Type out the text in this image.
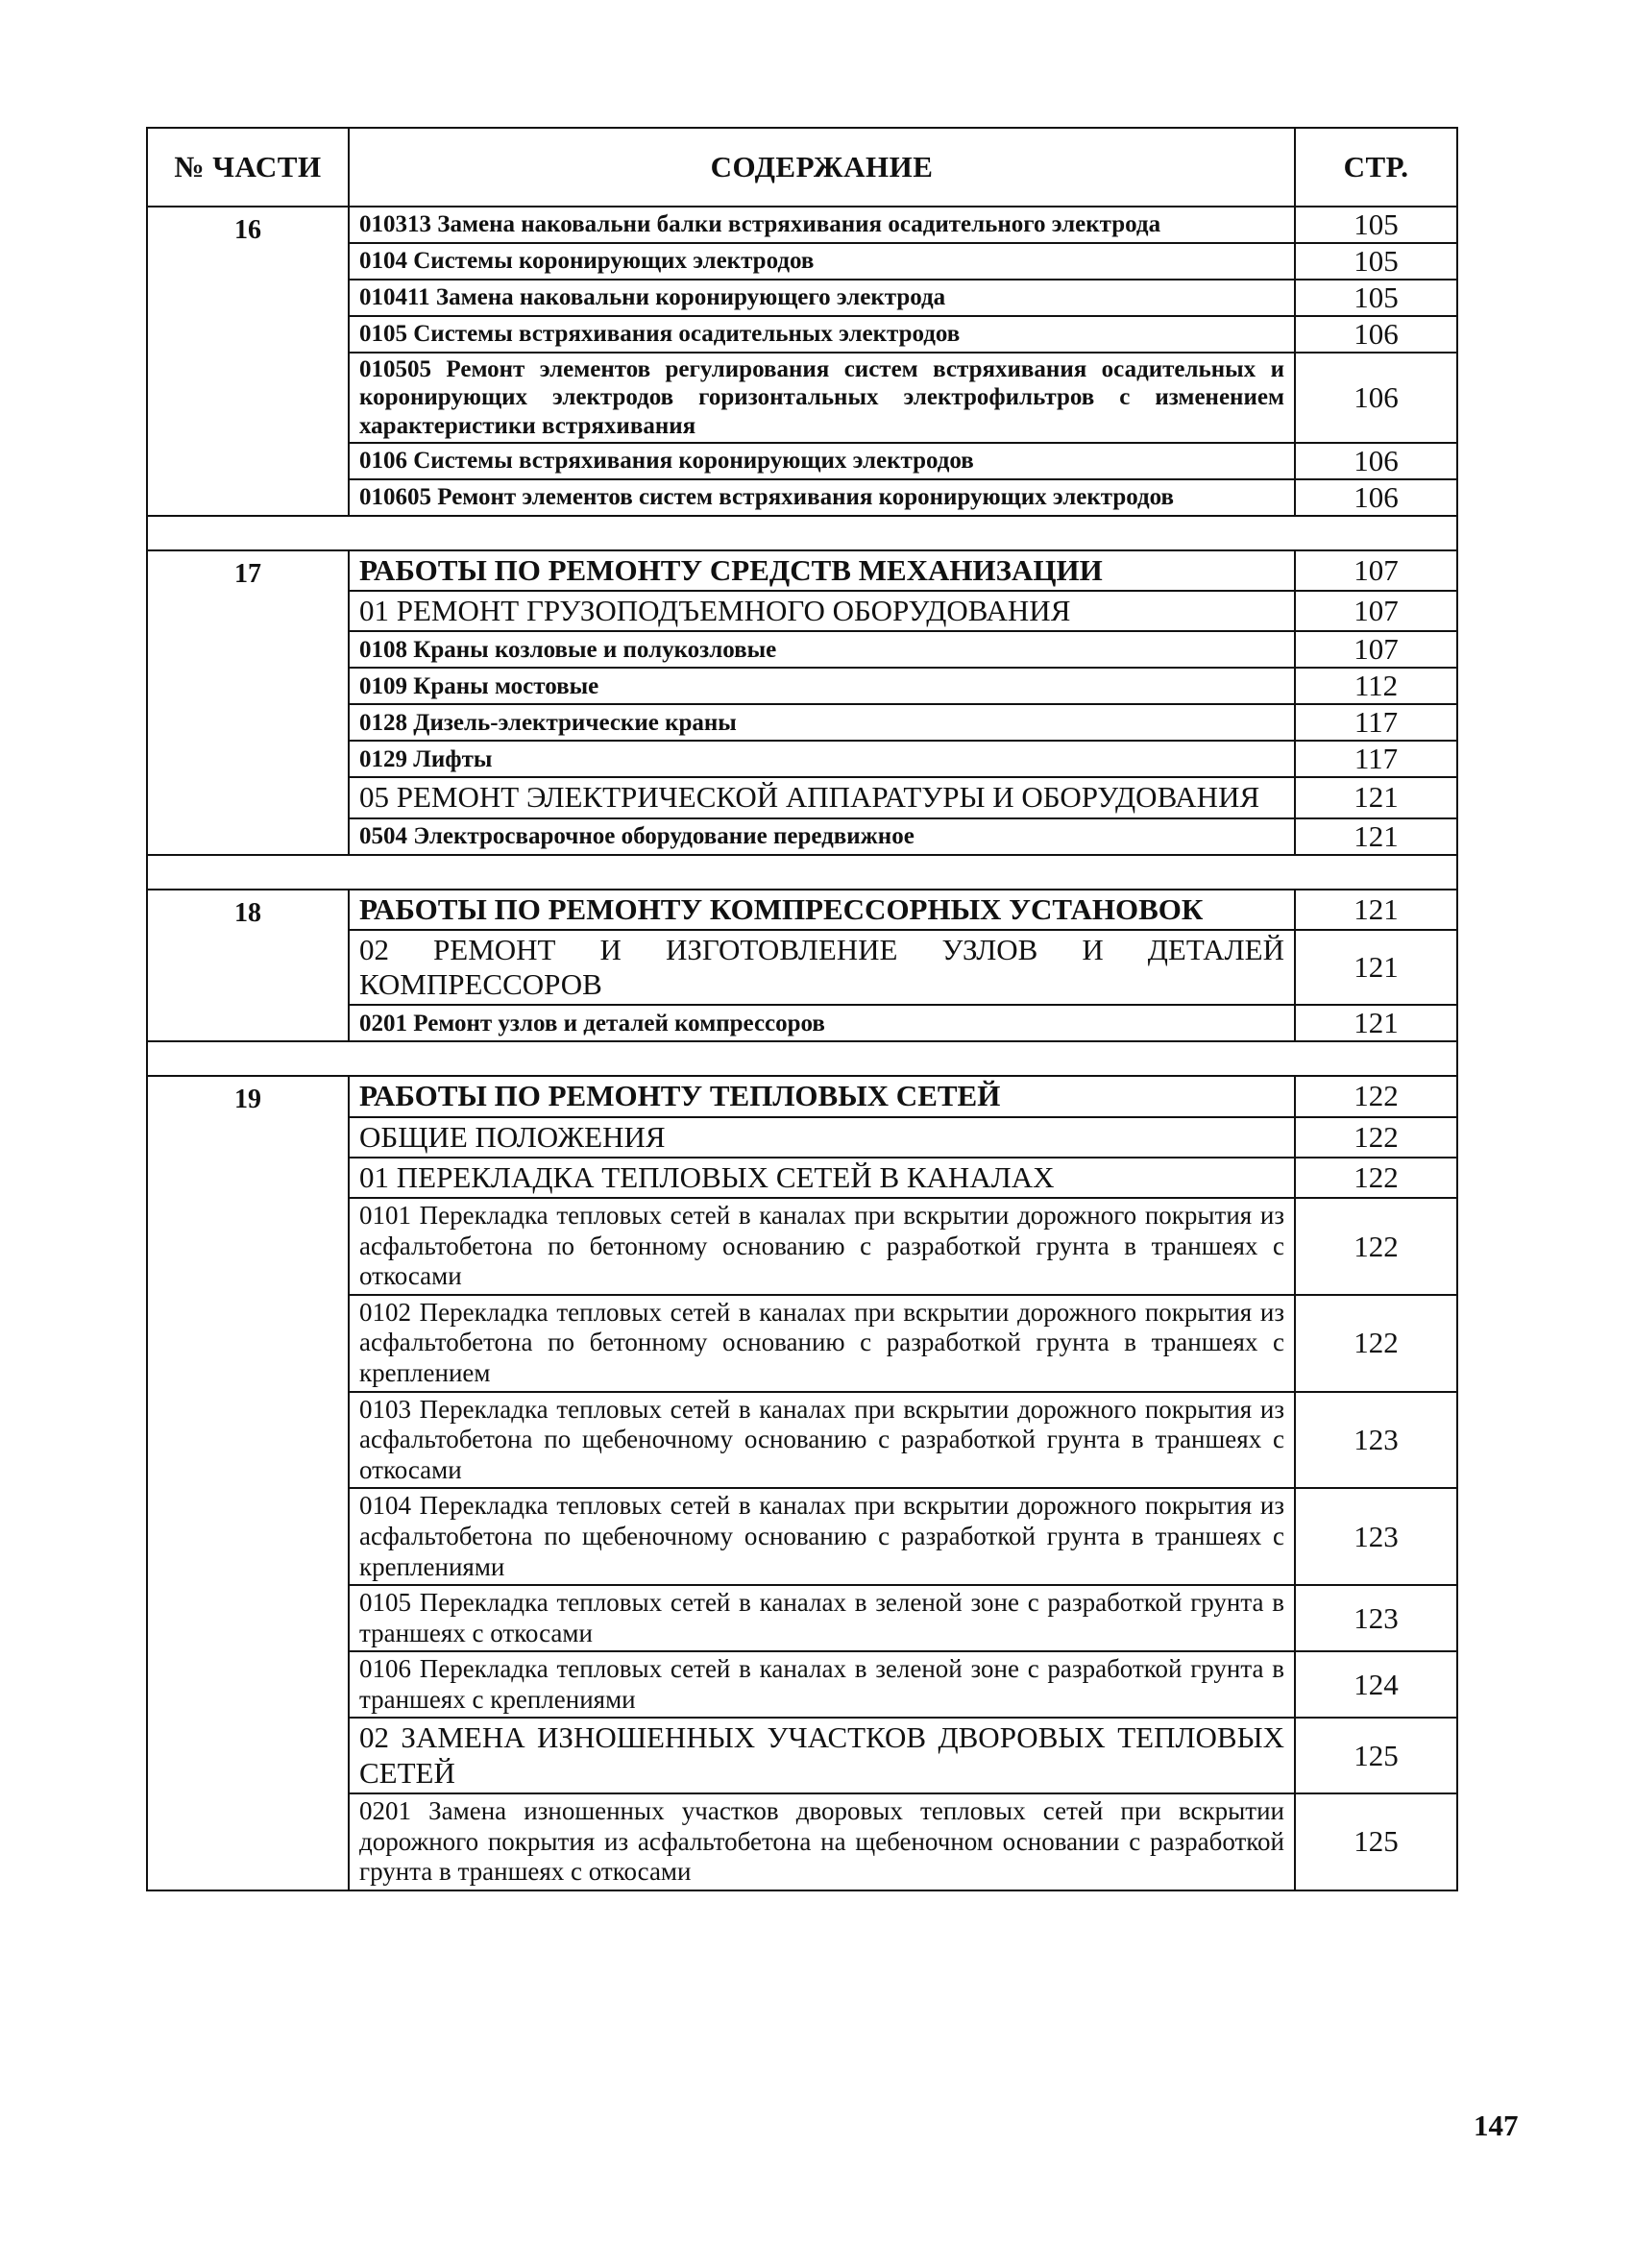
№ ЧАСТИ	СОДЕРЖАНИЕ	СТР.
16	010313 Замена наковальни балки встряхивания осадительного электрода	105
	0104 Системы коронирующих электродов	105
	010411 Замена наковальни коронирующего электрода	105
	0105 Системы встряхивания осадительных электродов	106
	010505 Ремонт элементов регулирования систем встряхивания осадительных и коронирующих электродов горизонтальных электрофильтров с изменением характеристики встряхивания	106
	0106 Системы встряхивания коронирующих электродов	106
	010605 Ремонт элементов систем встряхивания коронирующих электродов	106

17	РАБОТЫ ПО РЕМОНТУ СРЕДСТВ МЕХАНИЗАЦИИ	107
	01 РЕМОНТ ГРУЗОПОДЪЕМНОГО ОБОРУДОВАНИЯ	107
	0108 Краны козловые и полукозловые	107
	0109 Краны мостовые	112
	0128 Дизель-электрические краны	117
	0129 Лифты	117
	05 РЕМОНТ ЭЛЕКТРИЧЕСКОЙ АППАРАТУРЫ И ОБОРУДОВАНИЯ	121
	0504 Электросварочное оборудование передвижное	121

18	РАБОТЫ ПО РЕМОНТУ КОМПРЕССОРНЫХ УСТАНОВОК	121
	02 РЕМОНТ И ИЗГОТОВЛЕНИЕ УЗЛОВ И ДЕТАЛЕЙ КОМПРЕССОРОВ	121
	0201 Ремонт узлов и деталей компрессоров	121

19	РАБОТЫ ПО РЕМОНТУ ТЕПЛОВЫХ СЕТЕЙ	122
	ОБЩИЕ ПОЛОЖЕНИЯ	122
	01 ПЕРЕКЛАДКА ТЕПЛОВЫХ СЕТЕЙ В КАНАЛАХ	122
	0101 Перекладка тепловых сетей в каналах при вскрытии дорожного покрытия из асфальтобетона по бетонному основанию с разработкой грунта в траншеях с откосами	122
	0102 Перекладка тепловых сетей в каналах при вскрытии дорожного покрытия из асфальтобетона по бетонному основанию с разработкой грунта в траншеях с креплением	122
	0103 Перекладка тепловых сетей в каналах при вскрытии дорожного покрытия из асфальтобетона по щебеночному основанию с разработкой грунта в траншеях с откосами	123
	0104 Перекладка тепловых сетей в каналах при вскрытии дорожного покрытия из асфальтобетона по щебеночному основанию с разработкой грунта в траншеях с креплениями	123
	0105 Перекладка тепловых сетей в каналах в зеленой зоне с разработкой грунта в траншеях с откосами	123
	0106 Перекладка тепловых сетей в каналах в зеленой зоне с разработкой грунта в траншеях с креплениями	124
	02 ЗАМЕНА ИЗНОШЕННЫХ УЧАСТКОВ ДВОРОВЫХ ТЕПЛОВЫХ СЕТЕЙ	125
	0201 Замена изношенных участков дворовых тепловых сетей при вскрытии дорожного покрытия из асфальтобетона на щебеночном основании с разработкой грунта в траншеях с откосами	125
147
